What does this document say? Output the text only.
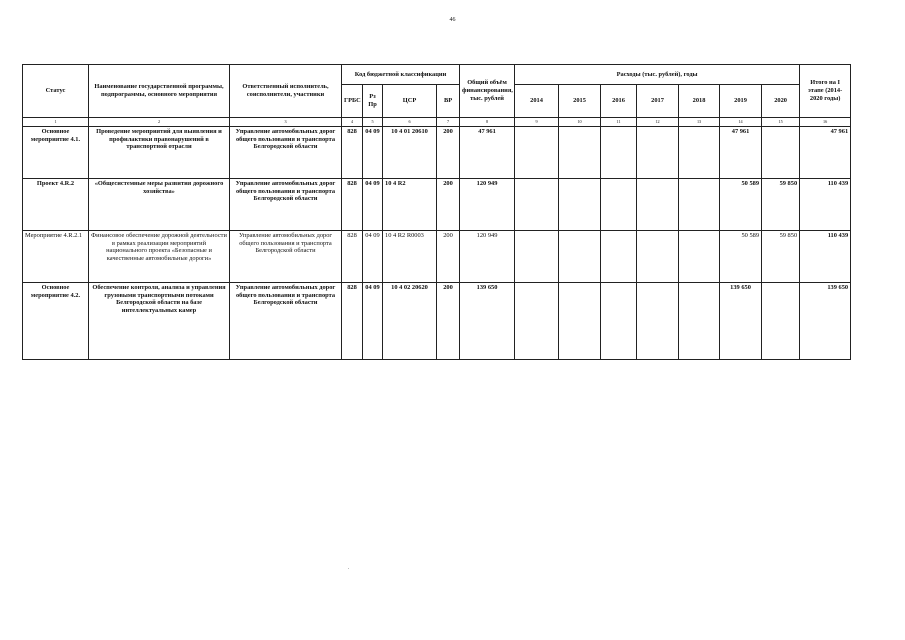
46
Статус	Наименование государственной программы, подпрограммы, основного мероприятия	Ответственный исполнитель, соисполнители, участники	Код бюджетной классификации				Общий объём финансирования, тыс. рублей	Расходы (тыс. рублей), годы							Итого на I этапе (2014-2020 годы)
			ГРБС	Рз Пр	ЦСР	ВР		2014	2015	2016	2017	2018	2019	2020	
1	2	3	4	5	6	7	8	9	10	11	12	13	14	15	16
Основное мероприятие 4.1.	Проведение мероприятий для выявления и профилактики правонарушений в транспортной отрасли	Управление автомобильных дорог общего пользования и транспорта Белгородской области	828	04 09	10 4 01 20610	200	47 961						47 961		47 961
Проект 4.R.2	«Общесистемные меры развития дорожного хозяйства»	Управление автомобильных дорог общего пользования и транспорта Белгородской области	828	04 09	10 4 R2	200	120 949						50 589	59 850	110 439
Мероприятие 4.R.2.1	Финансовое обеспечение дорожной деятельности в рамках реализации мероприятий национального проекта «Безопасные и качественные автомобильные дороги»	Управление автомобильных дорог общего пользования и транспорта Белгородской области	828	04 09	10 4 R2 R0003	200	120 949						50 589	59 850	110 439
Основное мероприятие 4.2.	Обеспечение контроля, анализа и управления грузовыми транспортными потоками Белгородской области на базе интеллектуальных камер	Управление автомобильных дорог общего пользования и транспорта Белгородской области	828	04 09	10 4 02 20620	200	139 650						139 650		139 650
.
